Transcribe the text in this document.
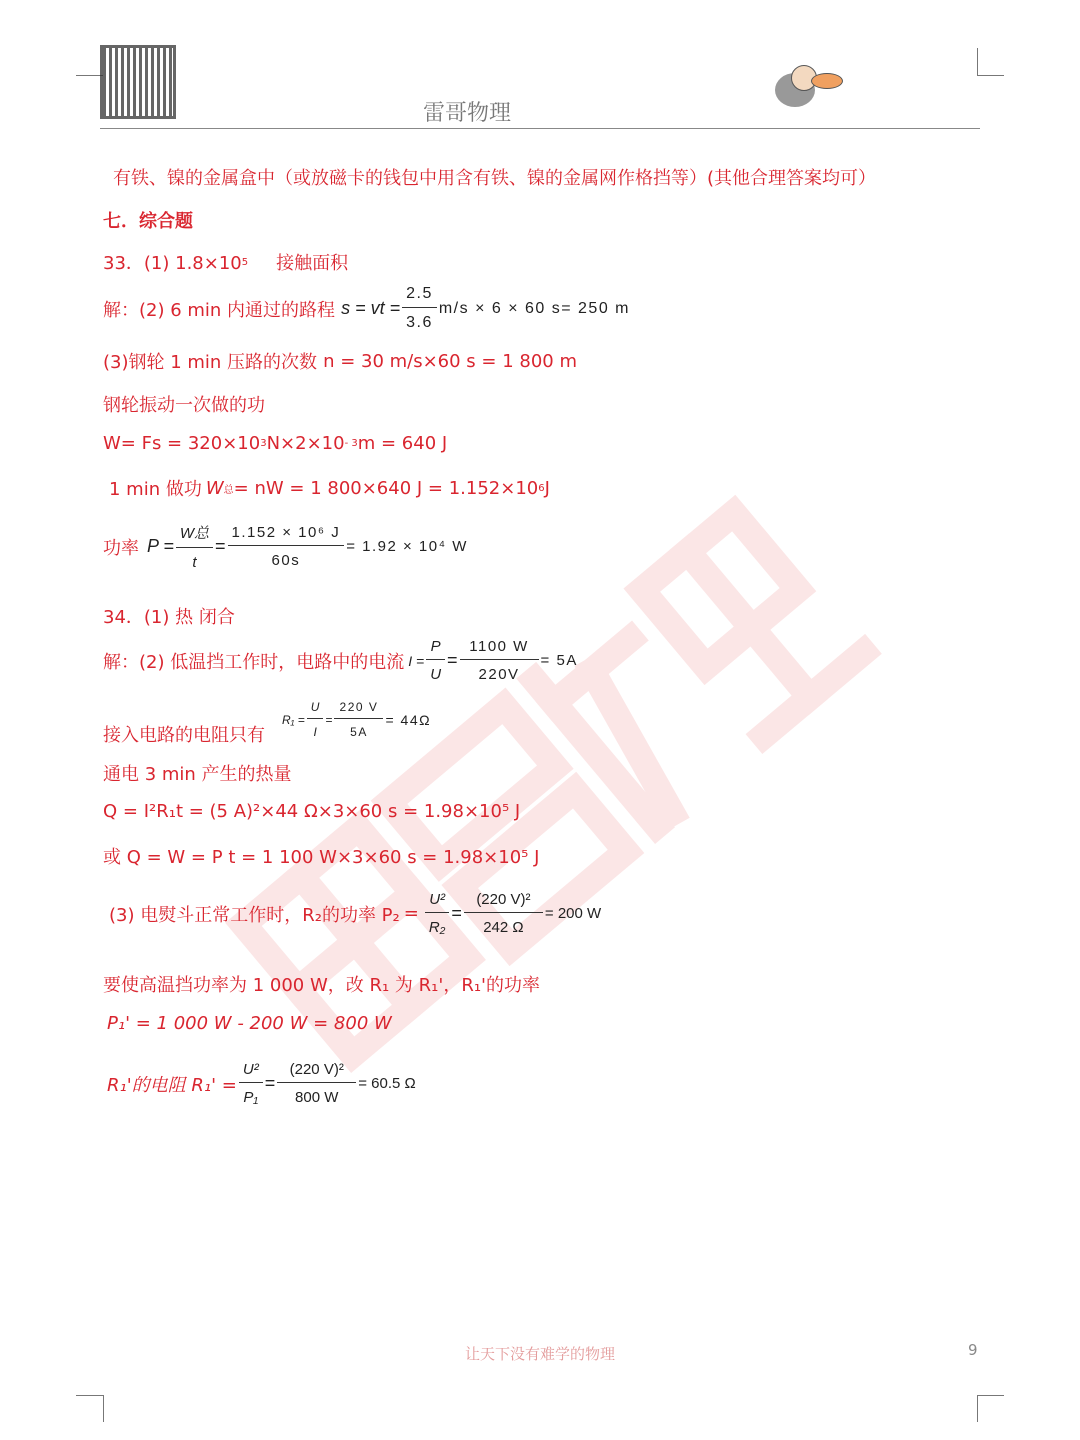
雷哥物理
有铁、镍的金属盒中（或放磁卡的钱包中用含有铁、镍的金属网作格挡等）(其他合理答案均可）
七．综合题
33．(1) 1.8×10 5 接触面积
解：(2) 6 min 内通过的路程 s = vt = $\frac{2.5}{3.6} m/s \times 6 \times 60$ s= 250 m
(3)钢轮 1 min 压路的次数 n = 30 m/s×60 s = 1 800 m
钢轮振动一次做的功
W= Fs = 320×10 3 N×2×10 - 3 m = 640 J
1 min 做功 W 总 = nW = 1 800×640 J = 1.152×10 6 J
功率 $P = \frac{\text{W总}}{t} = \frac{\text{1.152 × 10⁶ J}}{60s} = 1.92 \times 10^4$ W
34．(1) 热 闭合
解：(2) 低温挡工作时，电路中的电流 $I = \frac{P}{U} = \frac{1100 W}{220V} = 5A$
接入电路的电阻只有
$R_1 = \frac{U}{I} = \frac{220 V}{5A} = 44\Omega$
通电 3 min 产生的热量
Q = I²R₁t = (5 A)²×44 Ω×3×60 s = 1.98×10⁵ J
或 Q = W = P t = 1 100 W×3×60 s = 1.98×10⁵ J
(3) 电熨斗正常工作时，R₂的功率 $P_2 = \frac{\text{U²}}{\text{R₂}} = \frac{\text{(220 V)²}}{242 \Omega} = 200$ W
要使高温挡功率为 1 000 W，改 R₁ 为 R₁'，R₁'的功率
P₁' = 1 000 W - 200 W = 800 W
R₁'的电阻 $R_1' = \frac{\text{U²}}{\text{P₁}} = \frac{\text{(220 V)²}}{800 W} = 60.5$ Ω
让天下没有难学的物理	9
